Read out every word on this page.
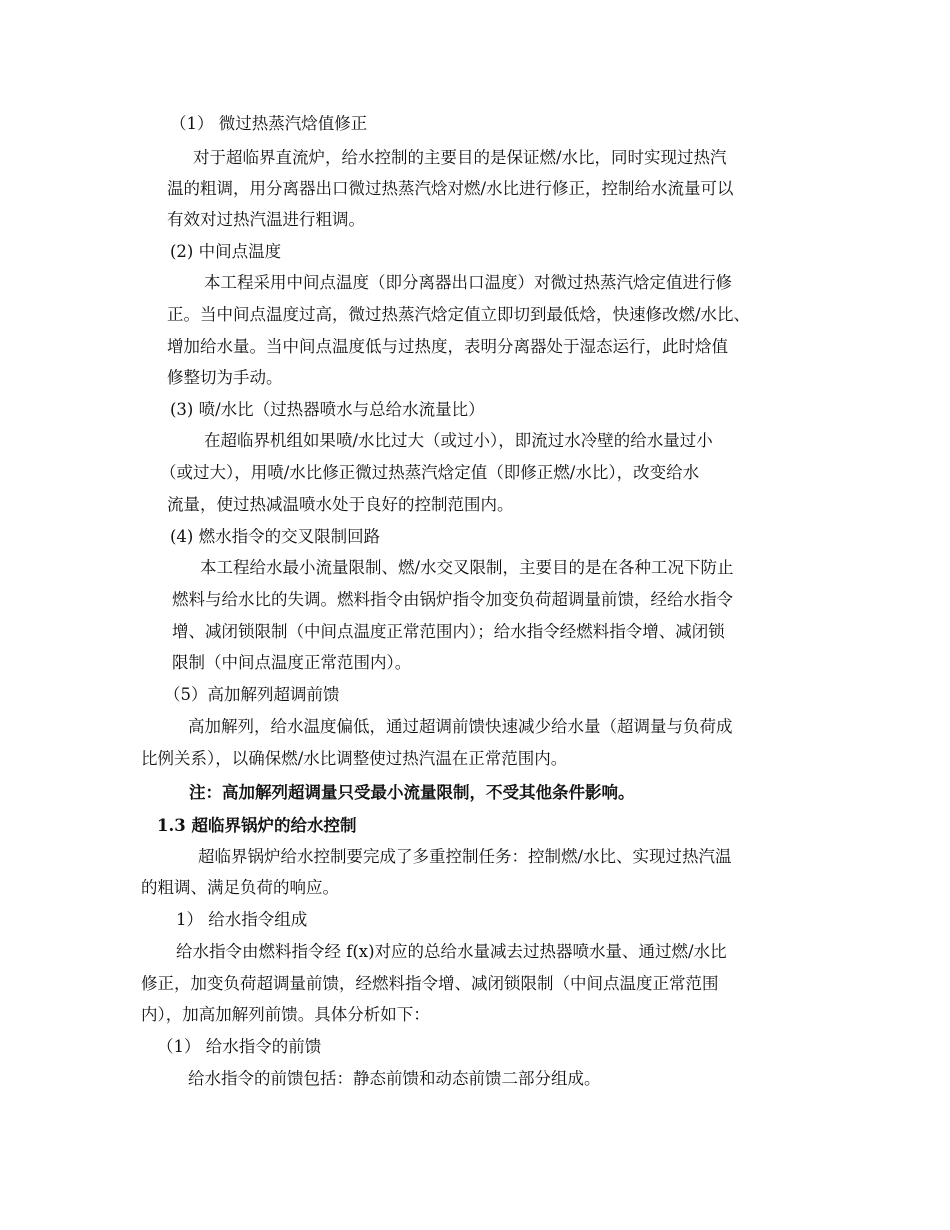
（1） 微过热蒸汽焓值修正
对于超临界直流炉，给水控制的主要目的是保证燃/水比，同时实现过热汽
温的粗调，用分离器出口微过热蒸汽焓对燃/水比进行修正，控制给水流量可以
有效对过热汽温进行粗调。
(2) 中间点温度
本工程采用中间点温度（即分离器出口温度）对微过热蒸汽焓定值进行修
正。当中间点温度过高，微过热蒸汽焓定值立即切到最低焓，快速修改燃/水比、
增加给水量。当中间点温度低与过热度，表明分离器处于湿态运行，此时焓值
修整切为手动。
(3) 喷/水比（过热器喷水与总给水流量比）
在超临界机组如果喷/水比过大（或过小），即流过水冷壁的给水量过小
（或过大），用喷/水比修正微过热蒸汽焓定值（即修正燃/水比），改变给水
流量，使过热减温喷水处于良好的控制范围内。
(4) 燃水指令的交叉限制回路
本工程给水最小流量限制、燃/水交叉限制，主要目的是在各种工况下防止
燃料与给水比的失调。燃料指令由锅炉指令加变负荷超调量前馈，经给水指令
增、减闭锁限制（中间点温度正常范围内）；给水指令经燃料指令增、减闭锁
限制（中间点温度正常范围内）。
（5）高加解列超调前馈
高加解列，给水温度偏低，通过超调前馈快速减少给水量（超调量与负荷成
比例关系），以确保燃/水比调整使过热汽温在正常范围内。
注：高加解列超调量只受最小流量限制，不受其他条件影响。
1.3 超临界锅炉的给水控制
超临界锅炉给水控制要完成了多重控制任务：控制燃/水比、实现过热汽温
的粗调、满足负荷的响应。
1） 给水指令组成
给水指令由燃料指令经 f(x)对应的总给水量减去过热器喷水量、通过燃/水比
修正，加变负荷超调量前馈，经燃料指令增、减闭锁限制（中间点温度正常范围
内），加高加解列前馈。具体分析如下：
（1） 给水指令的前馈
给水指令的前馈包括：静态前馈和动态前馈二部分组成。
